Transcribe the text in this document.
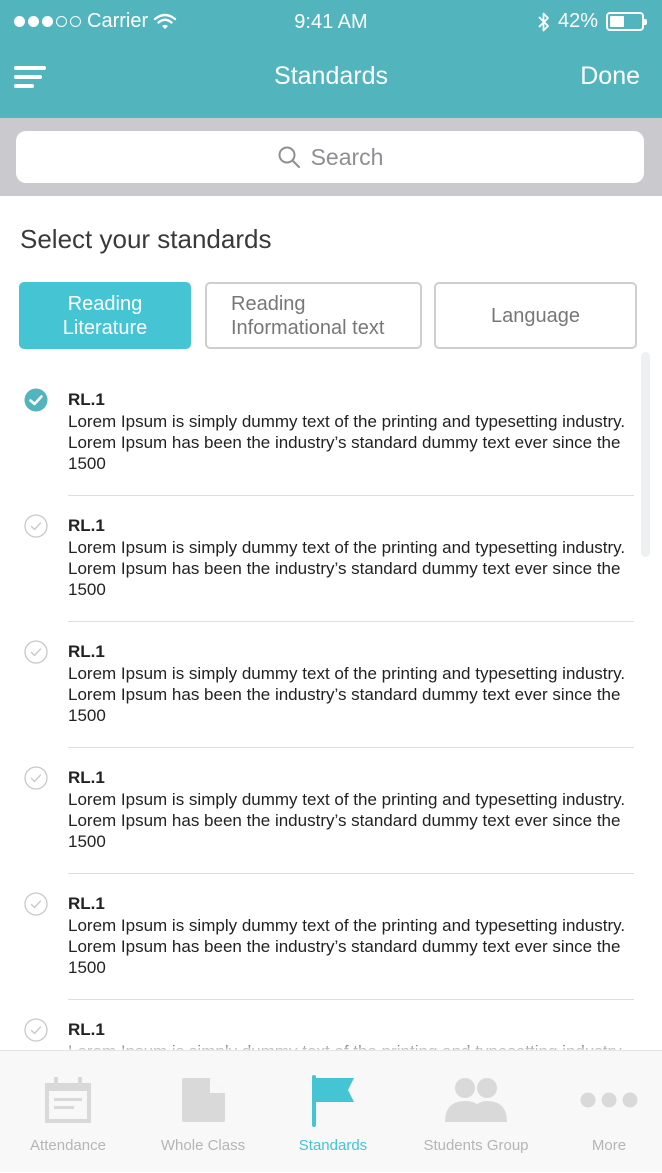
Carrier	9:41 AM	42%
Standards	Done
Search
Select your standards
Reading
Literature
Reading
Informational text
Language
RL.1
Lorem Ipsum is simply dummy text of the printing and typesetting industry. Lorem Ipsum has been the industry’s standard dummy text ever since the 1500
RL.1
Lorem Ipsum is simply dummy text of the printing and typesetting industry. Lorem Ipsum has been the industry’s standard dummy text ever since the 1500
RL.1
Lorem Ipsum is simply dummy text of the printing and typesetting industry. Lorem Ipsum has been the industry’s standard dummy text ever since the 1500
RL.1
Lorem Ipsum is simply dummy text of the printing and typesetting industry. Lorem Ipsum has been the industry’s standard dummy text ever since the 1500
RL.1
Lorem Ipsum is simply dummy text of the printing and typesetting industry. Lorem Ipsum has been the industry’s standard dummy text ever since the 1500
RL.1
Attendance	Whole Class	Standards	Students Group	More
